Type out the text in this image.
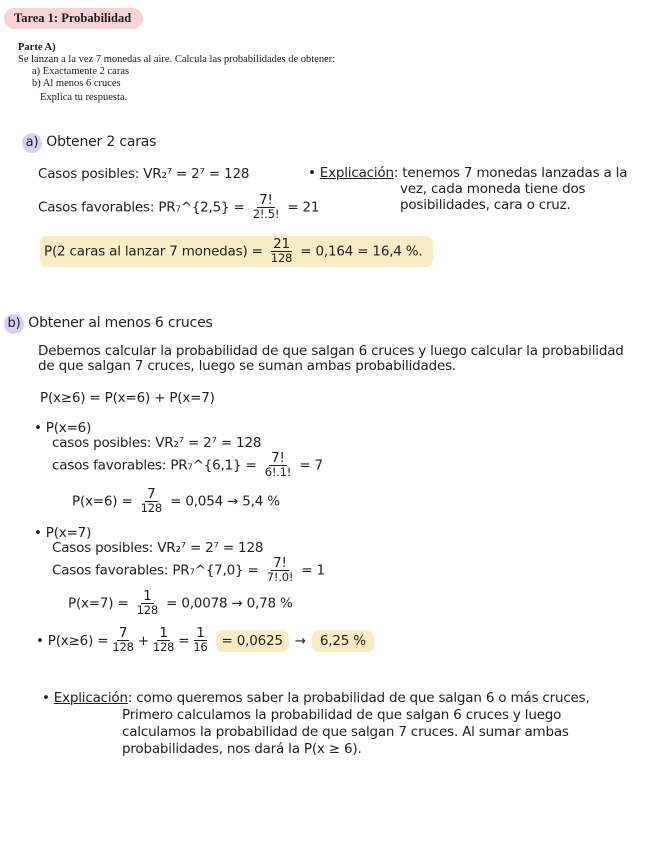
Tarea 1: Probabilidad
Parte A)
Se lanzan a la vez 7 monedas al aire. Calcula las probabilidades de obtener:
a) Exactamente 2 caras
b) Al menos 6 cruces
Explica tu respuesta.
a) Obtener 2 caras
Casos posibles: VR₂⁷ = 2⁷ = 128
Casos favorables: PR₇^{2,5} = $\frac{7!}{2!.5!} = 21$
• Explicación: tenemos 7 monedas lanzadas a la
vez, cada moneda tiene dos
posibilidades, cara o cruz.
P(2 caras al lanzar 7 monedas) = $\frac{21}{128} = 0,164 = 16,4$ %.
b) Obtener al menos 6 cruces
Debemos calcular la probabilidad de que salgan 6 cruces y luego calcular la probabilidad
de que salgan 7 cruces, luego se suman ambas probabilidades.
P(x≥6) = P(x=6) + P(x=7)
• P(x=6)
casos posibles: VR₂⁷ = 2⁷ = 128
casos favorables: PR₇^{6,1} = $\frac{7!}{6!.1!} = 7$
$P(x=6) = \frac{7}{128} = 0,054 \to 5,4$ %
• P(x=7)
Casos posibles: VR₂⁷ = 2⁷ = 128
Casos favorables: PR₇^{7,0} = $\frac{7!}{7!.0!} = 1$
$P(x=7) = \frac{1}{128} = 0,0078 \to 0,78$ %
•
$P(x\ge 6) = \frac{7}{128} + \frac{1}{128} = \frac{1}{16} = 0,0625$ →	6,25 %
• Explicación: como queremos saber la probabilidad de que salgan 6 o más cruces,
Primero calculamos la probabilidad de que salgan 6 cruces y luego
calculamos la probabilidad de que salgan 7 cruces. Al sumar ambas
probabilidades, nos dará la P(x ≥ 6).
